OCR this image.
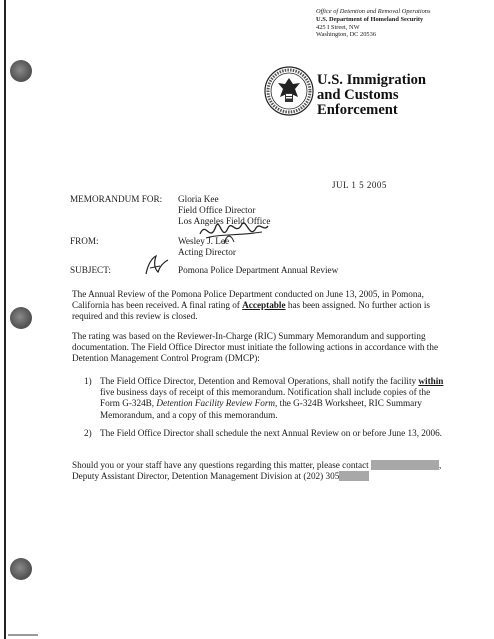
Office of Detention and Removal Operations
U.S. Department of Homeland Security
425 I Street, NW
Washington, DC 20536
U.S. Immigration
and Customs
Enforcement
JUL 1 5 2005
MEMORANDUM FOR: Gloria Kee
Field Office Director
Los Angeles Field Office
FROM:	Wesley J. Lee
Acting Director
SUBJECT:	Pomona Police Department Annual Review

The Annual Review of the Pomona Police Department conducted on June 13, 2005, in Pomona, California has been received. A final rating of Acceptable has been assigned. No further action is required and this review is closed.

The rating was based on the Reviewer-In-Charge (RIC) Summary Memorandum and supporting documentation. The Field Office Director must initiate the following actions in accordance with the Detention Management Control Program (DMCP):

1) The Field Office Director, Detention and Removal Operations, shall notify the facility within five business days of receipt of this memorandum. Notification shall include copies of the Form G-324B, Detention Facility Review Form, the G-324B Worksheet, RIC Summary Memorandum, and a copy of this memorandum.
2) The Field Office Director shall schedule the next Annual Review on or before June 13, 2006.

Should you or your staff have any questions regarding this matter, please contact	,
Deputy Assistant Director, Detention Management Division at (202) 305
